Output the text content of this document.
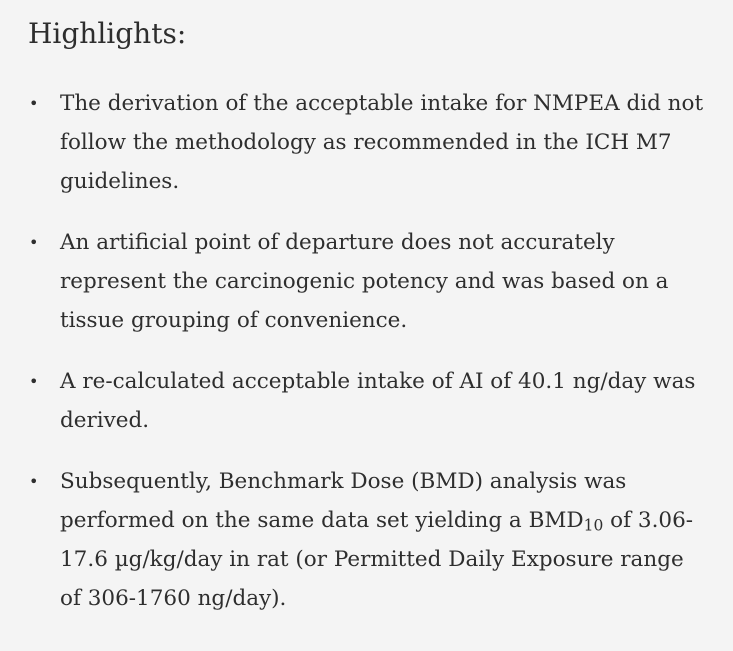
Highlights:
• The derivation of the acceptable intake for NMPEA did not follow the methodology as recommended in the ICH M7 guidelines.
• An artificial point of departure does not accurately represent the carcinogenic potency and was based on a tissue grouping of convenience.
• A re-calculated acceptable intake of AI of 40.1 ng/day was derived.
• Subsequently, Benchmark Dose (BMD) analysis was performed on the same data set yielding a $BMD_{10}$ of 3.06-17.6 µg/kg/day in rat (or Permitted Daily Exposure range of 306-1760 ng/day).
